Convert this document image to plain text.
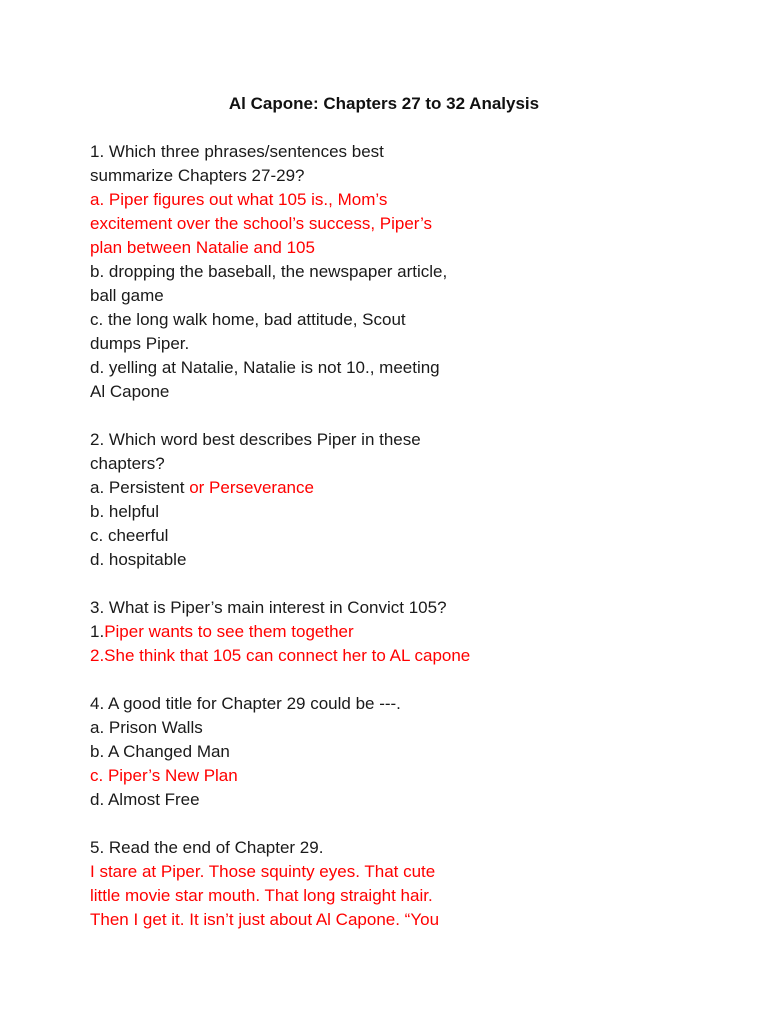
Al Capone: Chapters 27 to 32 Analysis
1. Which three phrases/sentences best
summarize Chapters 27-29?
a. Piper figures out what 105 is., Mom’s
excitement over the school’s success, Piper’s
plan between Natalie and 105
b. dropping the baseball, the newspaper article,
ball game
c. the long walk home, bad attitude, Scout
dumps Piper.
d. yelling at Natalie, Natalie is not 10., meeting
Al Capone
2. Which word best describes Piper in these
chapters?
a. Persistent or Perseverance
b. helpful
c. cheerful
d. hospitable
3. What is Piper’s main interest in Convict 105?
1.Piper wants to see them together
2.She think that 105 can connect her to AL capone
4. A good title for Chapter 29 could be ---.
a. Prison Walls
b. A Changed Man
c. Piper’s New Plan
d. Almost Free
5. Read the end of Chapter 29.
I stare at Piper. Those squinty eyes. That cute
little movie star mouth. That long straight hair.
Then I get it. It isn’t just about Al Capone. “You
